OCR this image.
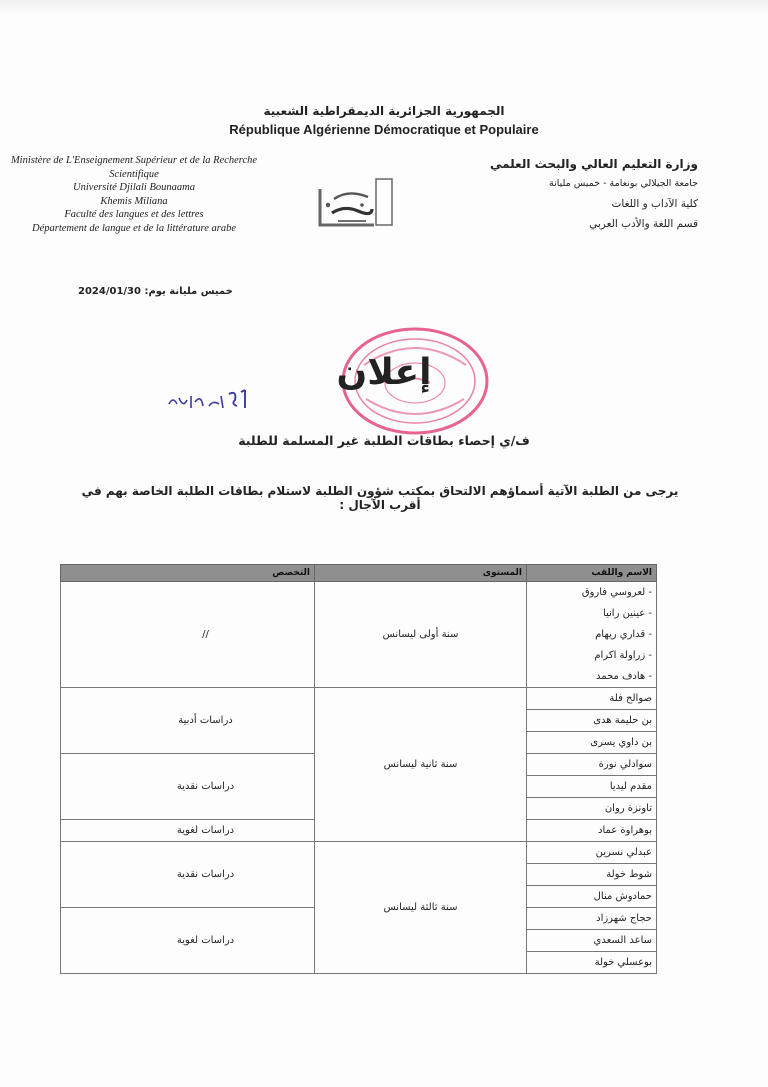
الجمهورية الجزائرية الديمقراطية الشعبية
République Algérienne Démocratique et Populaire
Ministère de L'Enseignement Supérieur et de la Recherche Scientifique
Université Djilali Bounaama
Khemis Miliana
Faculté des langues et des lettres
Département de langue et de la littérature arabe
وزارة التعليم العالي والبحث العلمي
جامعة الجيلالي بونعامة - خميس مليانة
كلية الآداب و اللغات
قسم اللغة والأدب العربي
خميس مليانة يوم: 2024/01/30
إعلان
ف/ي إحصاء بطاقات الطلبة غير المسلمة للطلبة
يرجى من الطلبة الآتية أسماؤهم الالتحاق بمكتب شؤون الطلبة لاستلام بطاقات الطلبة الخاصة بهم في أقرب الآجال :
الاسم واللقب	المستوى	التخصص

- لعروسي فاروق
- عينين رانيا
- قداري ريهام
- زراولة اكرام
- هادف محمد	سنة أولى ليسانس	//
صوالح فلة	سنة ثانية ليسانس	دراسات أدبية
بن حليمة هدى		
بن داوي يسرى		
سوادلي نورة		دراسات نقدية
مقدم ليديا		
تاونزة روان		
بوهراوة عماد		دراسات لغوية
عبدلي نسرين	سنة ثالثة ليسانس	دراسات نقدية
شوط خولة		
حمادوش منال		
حجاج شهرزاد		دراسات لغوية
ساعد السعدي		
بوعسلي خولة		
